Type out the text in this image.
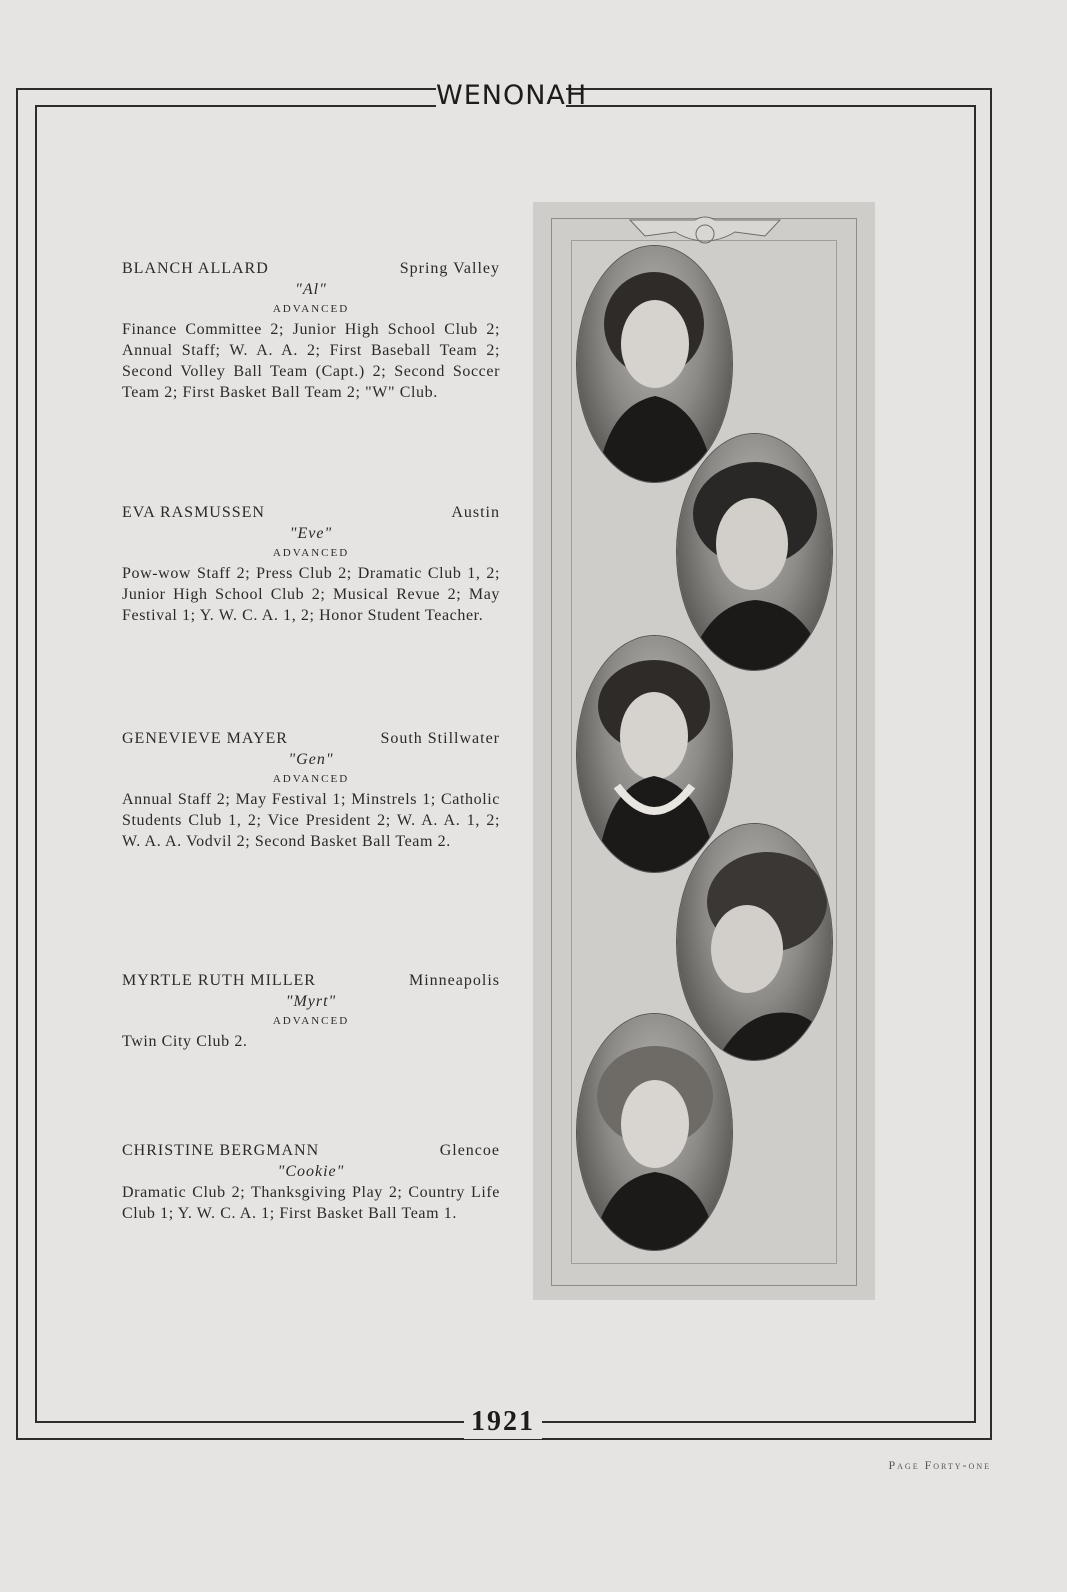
WENONAH
1921
Page Forty-one
BLANCH ALLARD	Spring Valley
"Al"
ADVANCED
Finance Committee 2; Junior High School Club 2; Annual Staff; W. A. A. 2; First Baseball Team 2; Second Volley Ball Team (Capt.) 2; Second Soccer Team 2; First Basket Ball Team 2; "W" Club.
EVA RASMUSSEN	Austin
"Eve"
ADVANCED
Pow-wow Staff 2; Press Club 2; Dramatic Club 1, 2; Junior High School Club 2; Musical Revue 2; May Festival 1; Y. W. C. A. 1, 2; Honor Student Teacher.
GENEVIEVE MAYER	South Stillwater
"Gen"
ADVANCED
Annual Staff 2; May Festival 1; Minstrels 1; Catholic Students Club 1, 2; Vice President 2; W. A. A. 1, 2; W. A. A. Vodvil 2; Second Basket Ball Team 2.
MYRTLE RUTH MILLER	Minneapolis
"Myrt"
ADVANCED
Twin City Club 2.
CHRISTINE BERGMANN	Glencoe
"Cookie"
Dramatic Club 2; Thanksgiving Play 2; Country Life Club 1; Y. W. C. A. 1; First Basket Ball Team 1.
